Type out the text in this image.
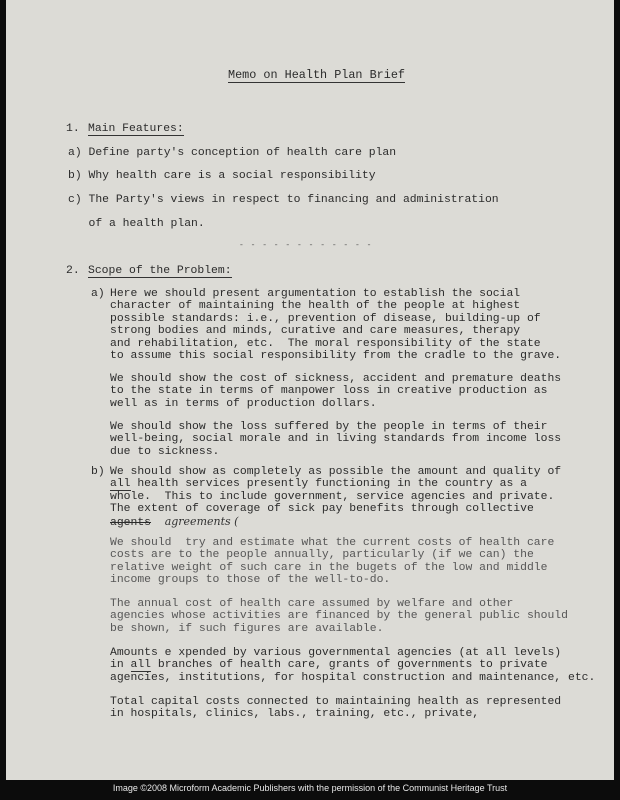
Memo on Health Plan Brief
1. Main Features:
a) Define party's conception of health care plan
b) Why health care is a social responsibility
c) The Party's views in respect to financing and administration
of a health plan.
- - - - - - - - - - - -
2. Scope of the Problem:
a) Here we should present argumentation to establish the social
character of maintaining the health of the people at highest
possible standards: i.e., prevention of disease, building-up of
strong bodies and minds, curative and care measures, therapy
and rehabilitation, etc.  The moral responsibility of the state
to assume this social responsibility from the cradle to the grave.
We should show the cost of sickness, accident and premature deaths
to the state in terms of manpower loss in creative production as
well as in terms of production dollars.
We should show the loss suffered by the people in terms of their
well-being, social morale and in living standards from income loss
due to sickness.
b) We should show as completely as possible the amount and quality of
all health services presently functioning in the country as a
whole.  This to include government, service agencies and private.
The extent of coverage of sick pay benefits through collective
agents agreements (
We should  try and estimate what the current costs of health care
costs are to the people annually, particularly (if we can) the
relative weight of such care in the bugets of the low and middle
income groups to those of the well-to-do.
The annual cost of health care assumed by welfare and other
agencies whose activities are financed by the general public should
be shown, if such figures are available.
Amounts e xpended by various governmental agencies (at all levels)
in all branches of health care, grants of governments to private
agencies, institutions, for hospital construction and maintenance, etc.
Total capital costs connected to maintaining health as represented
in hospitals, clinics, labs., training, etc., private,
Image ©2008 Microform Academic Publishers with the permission of the Communist Heritage Trust
